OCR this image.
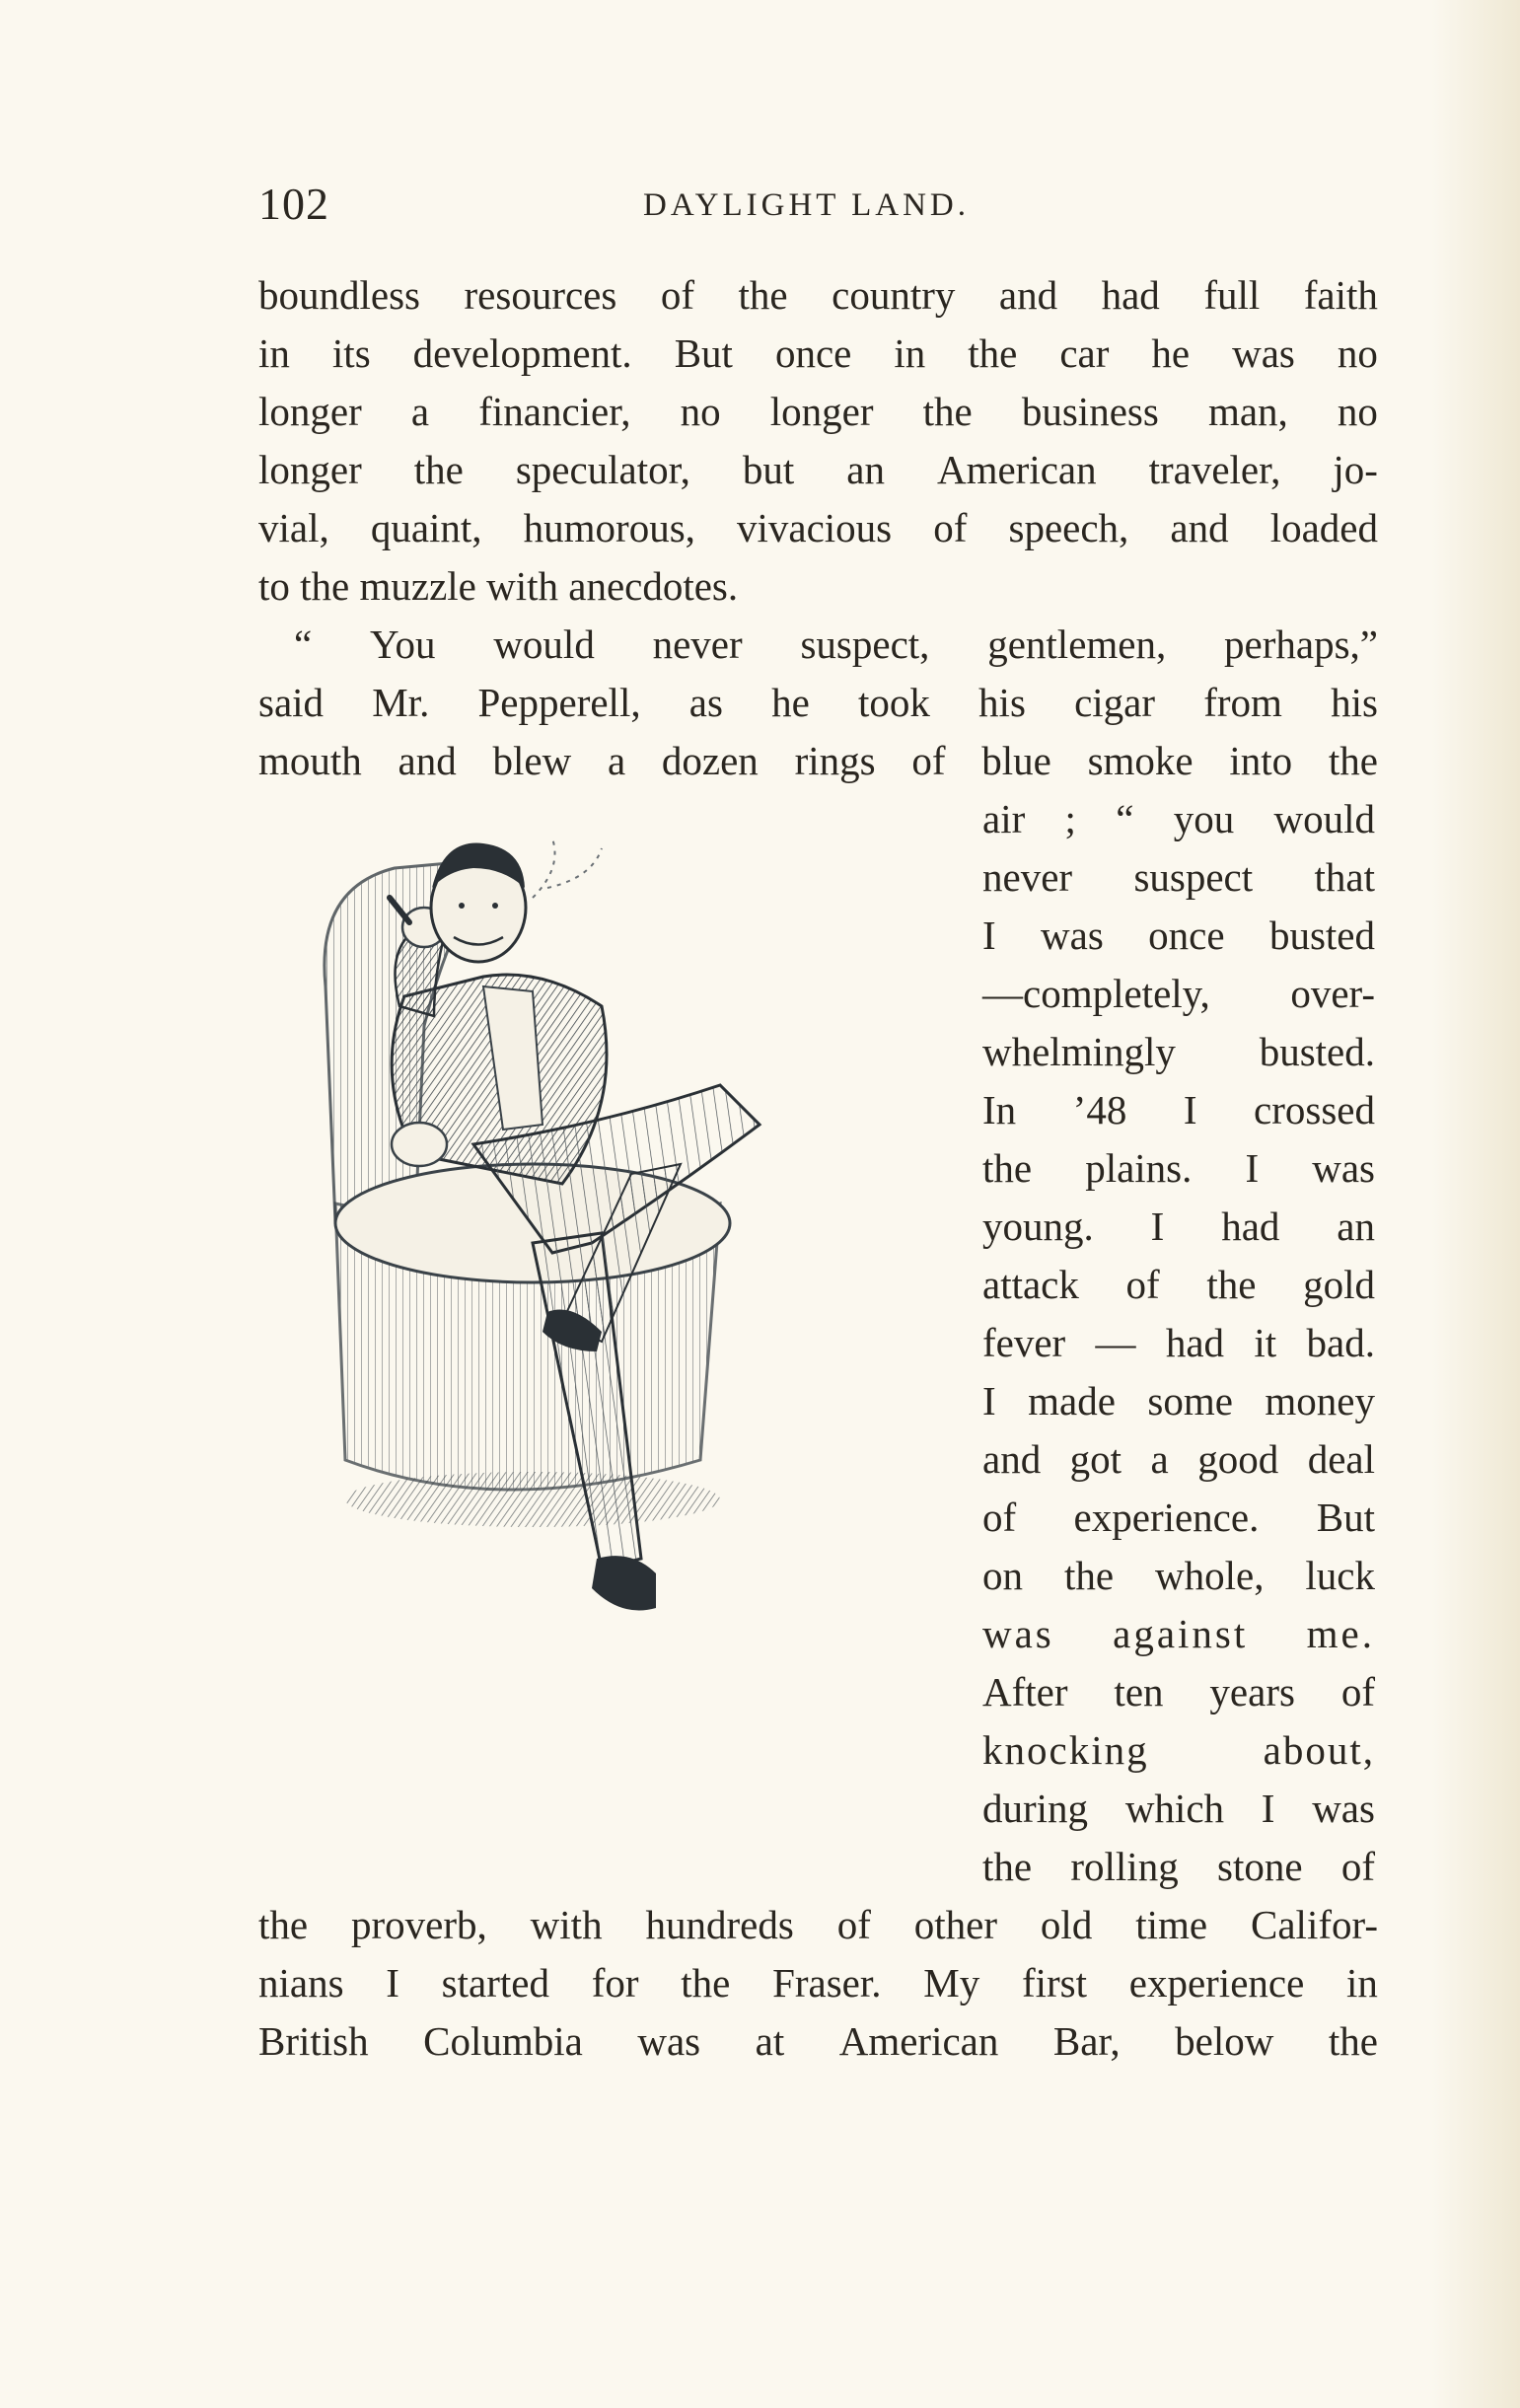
102	DAYLIGHT LAND.
boundless resources of the country and had full faith
in its development. But once in the car he was no
longer a financier, no longer the business man, no
longer the speculator, but an American traveler, jo-
vial, quaint, humorous, vivacious of speech, and loaded
to the muzzle with anecdotes.
“ You would never suspect, gentlemen, perhaps,”
said Mr. Pepperell, as he took his cigar from his
mouth and blew a dozen rings of blue smoke into the
air ; “ you would
never suspect that
I was once busted
—completely, over-
whelmingly busted.
In ’48 I crossed
the plains. I was
young. I had an
attack of the gold
fever — had it bad.
I made some money
and got a good deal
of experience. But
on the whole, luck
was against me.
After ten years of
knocking	about,
during which I was
the rolling stone of
the proverb, with hundreds of other old time Califor-
nians I started for the Fraser. My first experience in
British Columbia was at American Bar, below the
